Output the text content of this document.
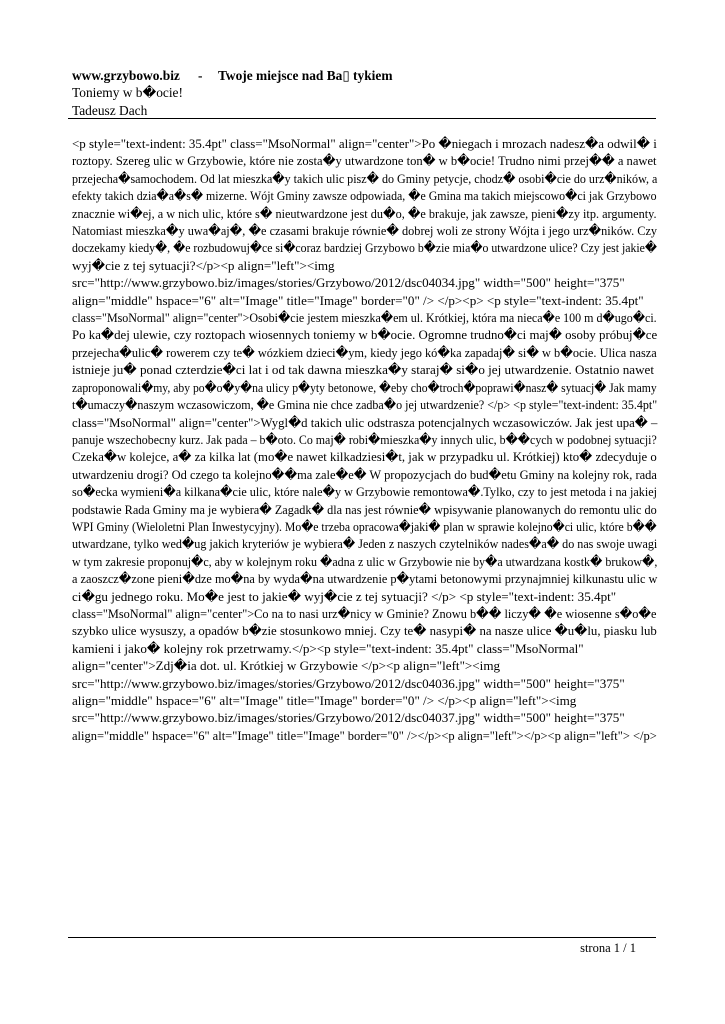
www.grzybowo.biz - Twoje miejsce nad Ba▯ tykiem
Toniemy w b�ocie!
Tadeusz Dach
<p style="text-indent: 35.4pt" class="MsoNormal" align="center">Po �niegach i mrozach nadesz�a odwil� i
roztopy. Szereg ulic w Grzybowie, które nie zosta�y utwardzone ton� w b�ocie! Trudno nimi przej�� a nawet
przejecha�samochodem. Od lat mieszka�y takich ulic pisz� do Gminy petycje, chodz� osobi�cie do urz�ników, a
efekty takich dzia�a�s� mizerne. Wójt Gminy zawsze odpowiada, �e Gmina ma takich miejscowo�ci jak Grzybowo
znacznie wi�ej, a w nich ulic, które s� nieutwardzone jest du�o, �e brakuje, jak zawsze, pieni�zy itp. argumenty.
Natomiast mieszka�y uwa�aj�, �e czasami brakuje równie� dobrej woli ze strony Wójta i jego urz�ników. Czy
doczekamy kiedy�, �e rozbudowuj�ce si�coraz bardziej Grzybowo b�zie mia�o utwardzone ulice? Czy jest jakie�
wyj�cie z tej sytuacji?</p><p align="left"><img
src="http://www.grzybowo.biz/images/stories/Grzybowo/2012/dsc04034.jpg" width="500" height="375"
align="middle" hspace="6" alt="Image" title="Image" border="0" /> </p><p> <p style="text-indent: 35.4pt"
class="MsoNormal" align="center">Osobi�cie jestem mieszka�em ul. Krótkiej, która ma nieca�e 100 m d�ugo�ci.
Po ka�dej ulewie, czy roztopach wiosennych toniemy w b�ocie. Ogromne trudno�ci maj� osoby próbuj�ce
przejecha�ulic� rowerem czy te� wózkiem dzieci�ym, kiedy jego kó�ka zapadaj� si� w b�ocie. Ulica nasza
istnieje ju� ponad czterdzie�ci lat i od tak dawna mieszka�y staraj� si�o jej utwardzenie. Ostatnio nawet
zaproponowali�my, aby po�o�y�na ulicy p�yty betonowe, �eby cho�troch�poprawi�nasz� sytuacj� Jak mamy
t�umaczy�naszym wczasowiczom, �e Gmina nie chce zadba�o jej utwardzenie? </p> <p style="text-indent: 35.4pt"
class="MsoNormal" align="center">Wygl�d takich ulic odstrasza potencjalnych wczasowiczów. Jak jest upa� –
panuje wszechobecny kurz. Jak pada – b�oto. Co maj� robi�mieszka�y innych ulic, b��cych w podobnej sytuacji?
Czeka�w kolejce, a� za kilka lat (mo�e nawet kilkadziesi�t, jak w przypadku ul. Krótkiej) kto� zdecyduje o
utwardzeniu drogi? Od czego ta kolejno��ma zale�e� W propozycjach do bud�etu Gminy na kolejny rok, rada
so�ecka wymieni�a kilkana�cie ulic, które nale�y w Grzybowie remontowa�.Tylko, czy to jest metoda i na jakiej
podstawie Rada Gminy ma je wybiera� Zagadk� dla nas jest równie� wpisywanie planowanych do remontu ulic do
WPI Gminy (Wieloletni Plan Inwestycyjny). Mo�e trzeba opracowa�jaki� plan w sprawie kolejno�ci ulic, które b��
utwardzane, tylko wed�ug jakich kryteriów je wybiera� Jeden z naszych czytelników nades�a� do nas swoje uwagi
w tym zakresie proponuj�c, aby w kolejnym roku �adna z ulic w Grzybowie nie by�a utwardzana kostk� brukow�,
a zaoszcz�zone pieni�dze mo�na by wyda�na utwardzenie p�ytami betonowymi przynajmniej kilkunastu ulic w
ci�gu jednego roku. Mo�e jest to jakie� wyj�cie z tej sytuacji? </p> <p style="text-indent: 35.4pt"
class="MsoNormal" align="center">Co na to nasi urz�nicy w Gminie? Znowu b�� liczy� �e wiosenne s�o�e
szybko ulice wysuszy, a opadów b�zie stosunkowo mniej. Czy te� nasypi� na nasze ulice �u�lu, piasku lub
kamieni i jako� kolejny rok przetrwamy.</p><p style="text-indent: 35.4pt" class="MsoNormal"
align="center">Zdj�ia dot. ul. Krótkiej w Grzybowie </p><p align="left"><img
src="http://www.grzybowo.biz/images/stories/Grzybowo/2012/dsc04036.jpg" width="500" height="375"
align="middle" hspace="6" alt="Image" title="Image" border="0" /> </p><p align="left"><img
src="http://www.grzybowo.biz/images/stories/Grzybowo/2012/dsc04037.jpg" width="500" height="375"
align="middle" hspace="6" alt="Image" title="Image" border="0" /></p><p align="left"></p><p align="left"> </p>
strona 1 / 1
